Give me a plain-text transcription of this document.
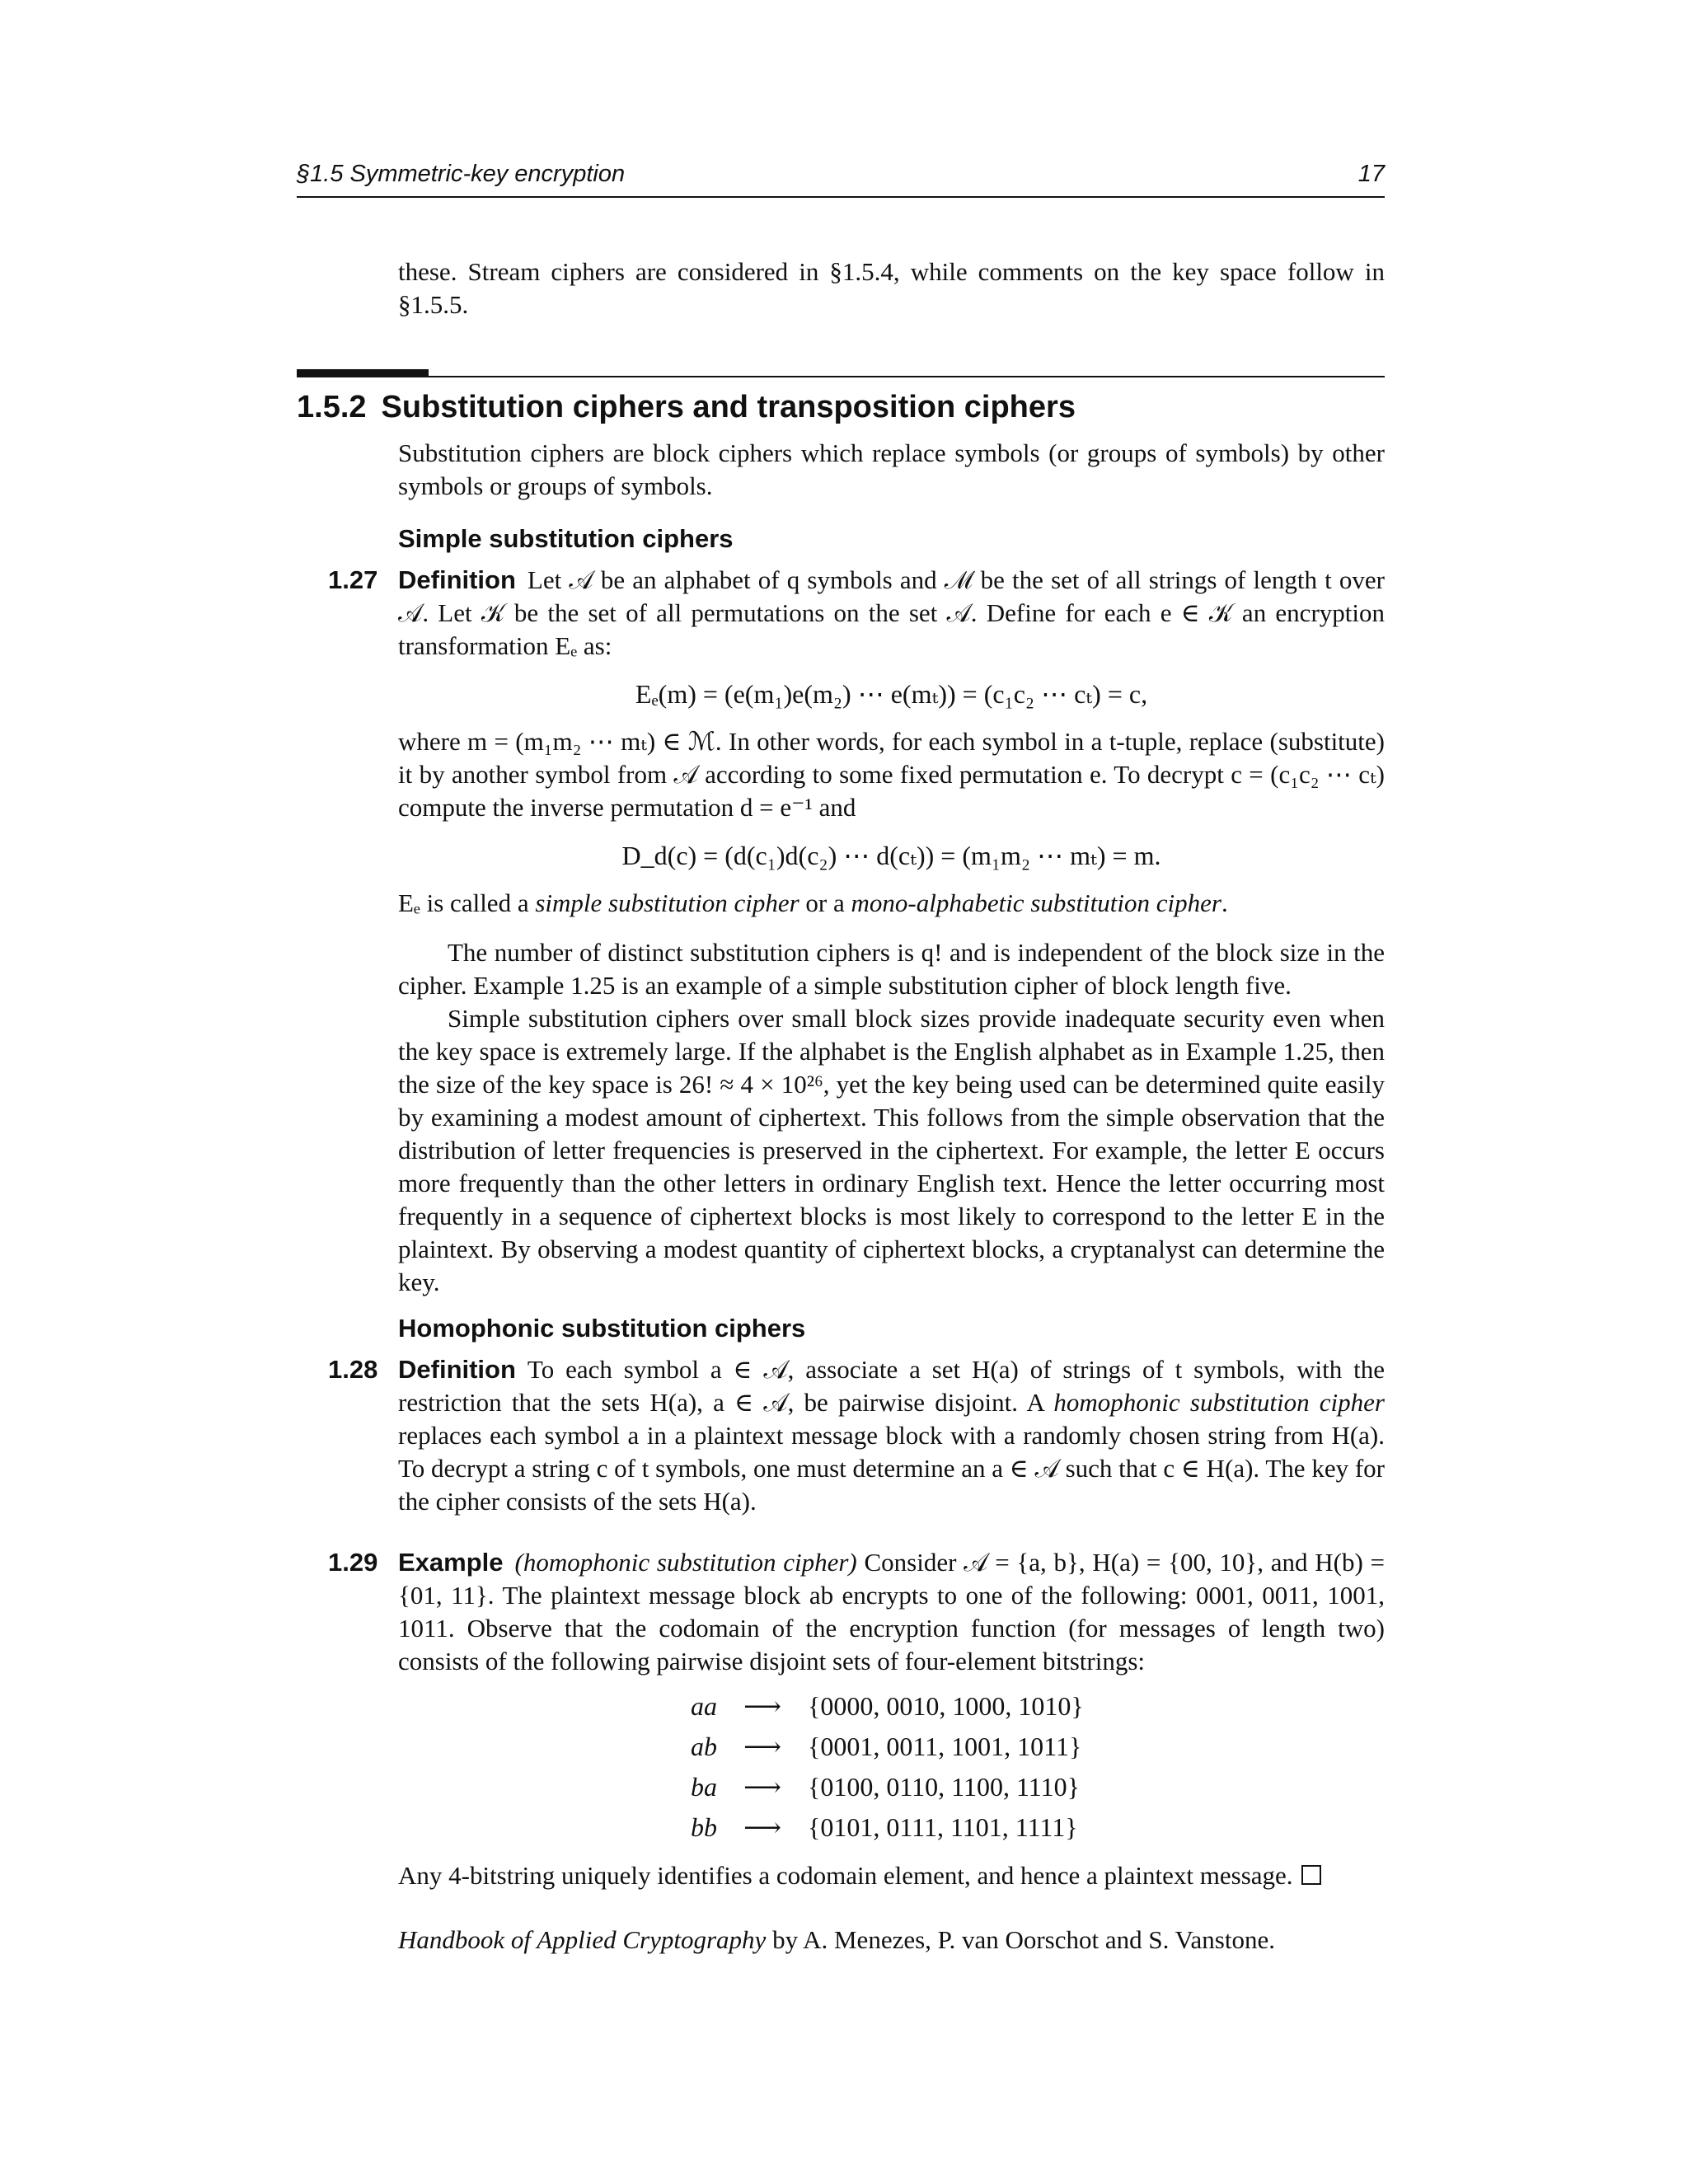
§1.5 Symmetric-key encryption	17

these. Stream ciphers are considered in §1.5.4, while comments on the key space follow in §1.5.5.

1.5.2 Substitution ciphers and transposition ciphers

Substitution ciphers are block ciphers which replace symbols (or groups of symbols) by other symbols or groups of symbols.

Simple substitution ciphers
1.27 Definition Let 𝒜 be an alphabet of q symbols and ℳ be the set of all strings of length t over 𝒜. Let 𝒦 be the set of all permutations on the set 𝒜. Define for each e ∈ 𝒦 an encryption transformation Eₑ as:

Eₑ(m) = (e(m₁)e(m₂) ⋯ e(mₜ)) = (c₁c₂ ⋯ cₜ) = c,

where m = (m₁m₂ ⋯ mₜ) ∈ ℳ. In other words, for each symbol in a t-tuple, replace (substitute) it by another symbol from 𝒜 according to some fixed permutation e. To decrypt c = (c₁c₂ ⋯ cₜ) compute the inverse permutation d = e⁻¹ and

D_d(c) = (d(c₁)d(c₂) ⋯ d(cₜ)) = (m₁m₂ ⋯ mₜ) = m.

Eₑ is called a simple substitution cipher or a mono-alphabetic substitution cipher.

The number of distinct substitution ciphers is q! and is independent of the block size in the cipher. Example 1.25 is an example of a simple substitution cipher of block length five.

Simple substitution ciphers over small block sizes provide inadequate security even when the key space is extremely large. If the alphabet is the English alphabet as in Example 1.25, then the size of the key space is 26! ≈ 4 × 10²⁶, yet the key being used can be determined quite easily by examining a modest amount of ciphertext. This follows from the simple observation that the distribution of letter frequencies is preserved in the ciphertext. For example, the letter E occurs more frequently than the other letters in ordinary English text. Hence the letter occurring most frequently in a sequence of ciphertext blocks is most likely to correspond to the letter E in the plaintext. By observing a modest quantity of ciphertext blocks, a cryptanalyst can determine the key.

Homophonic substitution ciphers
1.28 Definition To each symbol a ∈ 𝒜, associate a set H(a) of strings of t symbols, with the restriction that the sets H(a), a ∈ 𝒜, be pairwise disjoint. A homophonic substitution cipher replaces each symbol a in a plaintext message block with a randomly chosen string from H(a). To decrypt a string c of t symbols, one must determine an a ∈ 𝒜 such that c ∈ H(a). The key for the cipher consists of the sets H(a).

1.29 Example (homophonic substitution cipher) Consider 𝒜 = {a, b}, H(a) = {00, 10}, and H(b) = {01, 11}. The plaintext message block ab encrypts to one of the following: 0001, 0011, 1001, 1011. Observe that the codomain of the encryption function (for messages of length two) consists of the following pairwise disjoint sets of four-element bitstrings:

aa	⟶	{0000, 0010, 1000, 1010}
ab	⟶	{0001, 0011, 1001, 1011}
ba	⟶	{0100, 0110, 1100, 1110}
bb	⟶	{0101, 0111, 1101, 1111}

Any 4-bitstring uniquely identifies a codomain element, and hence a plaintext message.

Handbook of Applied Cryptography by A. Menezes, P. van Oorschot and S. Vanstone.
